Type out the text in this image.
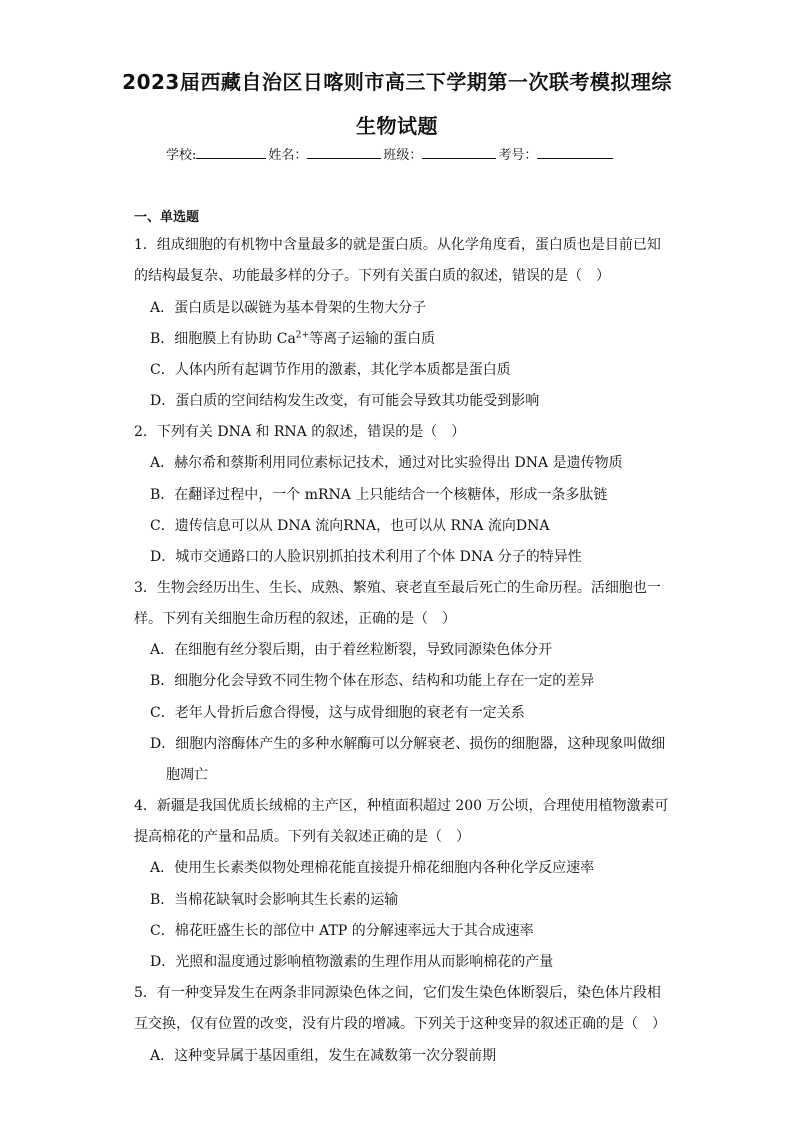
2023届西藏自治区日喀则市高三下学期第一次联考模拟理综
生物试题
学校:	姓名：	班级：	考号：
一、单选题
1．组成细胞的有机物中含量最多的就是蛋白质。从化学角度看，蛋白质也是目前已知
的结构最复杂、功能最多样的分子。下列有关蛋白质的叙述，错误的是（　）
A．蛋白质是以碳链为基本骨架的生物大分子
B．细胞膜上有协助 $Ca^{2+}$等离子运输的蛋白质
C．人体内所有起调节作用的激素，其化学本质都是蛋白质
D．蛋白质的空间结构发生改变，有可能会导致其功能受到影响
2．下列有关 DNA 和 RNA 的叙述，错误的是（　）
A．赫尔希和蔡斯利用同位素标记技术，通过对比实验得出 DNA 是遗传物质
B．在翻译过程中，一个 mRNA 上只能结合一个核糖体，形成一条多肽链
C．遗传信息可以从 DNA 流向RNA，也可以从 RNA 流向DNA
D．城市交通路口的人脸识别抓拍技术利用了个体 DNA 分子的特异性
3．生物会经历出生、生长、成熟、繁殖、衰老直至最后死亡的生命历程。活细胞也一
样。下列有关细胞生命历程的叙述，正确的是（　）
A．在细胞有丝分裂后期，由于着丝粒断裂，导致同源染色体分开
B．细胞分化会导致不同生物个体在形态、结构和功能上存在一定的差异
C．老年人骨折后愈合得慢，这与成骨细胞的衰老有一定关系
D．细胞内溶酶体产生的多种水解酶可以分解衰老、损伤的细胞器，这种现象叫做细
胞凋亡
4．新疆是我国优质长绒棉的主产区，种植面积超过 200 万公顷，合理使用植物激素可
提高棉花的产量和品质。下列有关叙述正确的是（　）
A．使用生长素类似物处理棉花能直接提升棉花细胞内各种化学反应速率
B．当棉花缺氧时会影响其生长素的运输
C．棉花旺盛生长的部位中 ATP 的分解速率远大于其合成速率
D．光照和温度通过影响植物激素的生理作用从而影响棉花的产量
5．有一种变异发生在两条非同源染色体之间，它们发生染色体断裂后，染色体片段相
互交换，仅有位置的改变，没有片段的增减。下列关于这种变异的叙述正确的是（　）
A．这种变异属于基因重组，发生在减数第一次分裂前期
